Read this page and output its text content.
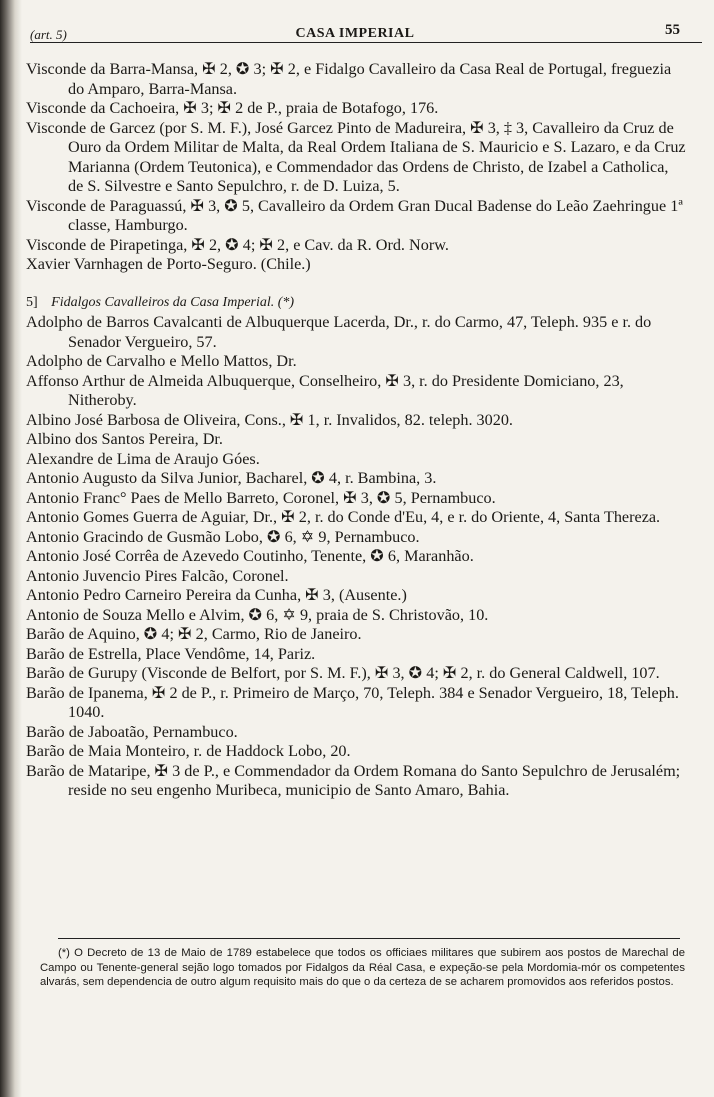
(art. 5)	CASA IMPERIAL	55

Visconde da Barra-Mansa, ✠ 2, ✪ 3; ✠ 2, e Fidalgo Cavalleiro da Casa Real de Portugal, freguezia do Amparo, Barra-Mansa.

Visconde da Cachoeira, ✠ 3; ✠ 2 de P., praia de Botafogo, 176.

Visconde de Garcez (por S. M. F.), José Garcez Pinto de Madureira, ✠ 3, ‡ 3, Cavalleiro da Cruz de Ouro da Ordem Militar de Malta, da Real Ordem Italiana de S. Mauricio e S. Lazaro, e da Cruz Marianna (Ordem Teutonica), e Commendador das Ordens de Christo, de Izabel a Catholica, de S. Silvestre e Santo Sepulchro, r. de D. Luiza, 5.

Visconde de Paraguassú, ✠ 3, ✪ 5, Cavalleiro da Ordem Gran Ducal Badense do Leão Zaehringue 1ª classe, Hamburgo.

Visconde de Pirapetinga, ✠ 2, ✪ 4; ✠ 2, e Cav. da R. Ord. Norw.

Xavier Varnhagen de Porto-Seguro. (Chile.)

5] Fidalgos Cavalleiros da Casa Imperial. (*)

Adolpho de Barros Cavalcanti de Albuquerque Lacerda, Dr., r. do Carmo, 47, Teleph. 935 e r. do Senador Vergueiro, 57.

Adolpho de Carvalho e Mello Mattos, Dr.

Affonso Arthur de Almeida Albuquerque, Conselheiro, ✠ 3, r. do Presidente Domiciano, 23, Nitheroby.

Albino José Barbosa de Oliveira, Cons., ✠ 1, r. Invalidos, 82. teleph. 3020.

Albino dos Santos Pereira, Dr.

Alexandre de Lima de Araujo Góes.

Antonio Augusto da Silva Junior, Bacharel, ✪ 4, r. Bambina, 3.

Antonio Franc° Paes de Mello Barreto, Coronel, ✠ 3, ✪ 5, Pernambuco.

Antonio Gomes Guerra de Aguiar, Dr., ✠ 2, r. do Conde d'Eu, 4, e r. do Oriente, 4, Santa Thereza.

Antonio Gracindo de Gusmão Lobo, ✪ 6, ✡ 9, Pernambuco.

Antonio José Corrêa de Azevedo Coutinho, Tenente, ✪ 6, Maranhão.

Antonio Juvencio Pires Falcão, Coronel.

Antonio Pedro Carneiro Pereira da Cunha, ✠ 3, (Ausente.)

Antonio de Souza Mello e Alvim, ✪ 6, ✡ 9, praia de S. Christovão, 10.

Barão de Aquino, ✪ 4; ✠ 2, Carmo, Rio de Janeiro.

Barão de Estrella, Place Vendôme, 14, Pariz.

Barão de Gurupy (Visconde de Belfort, por S. M. F.), ✠ 3, ✪ 4; ✠ 2, r. do General Caldwell, 107.

Barão de Ipanema, ✠ 2 de P., r. Primeiro de Março, 70, Teleph. 384 e Senador Vergueiro, 18, Teleph. 1040.

Barão de Jaboatão, Pernambuco.

Barão de Maia Monteiro, r. de Haddock Lobo, 20.

Barão de Mataripe, ✠ 3 de P., e Commendador da Ordem Romana do Santo Sepulchro de Jerusalém; reside no seu engenho Muribeca, municipio de Santo Amaro, Bahia.

(*) O Decreto de 13 de Maio de 1789 estabelece que todos os officiaes militares que subirem aos postos de Marechal de Campo ou Tenente-general sejão logo tomados por Fidalgos da Réal Casa, e expeção-se pela Mordomia-mór os competentes alvarás, sem dependencia de outro algum requisito mais do que o da certeza de se acharem promovidos aos referidos postos.
